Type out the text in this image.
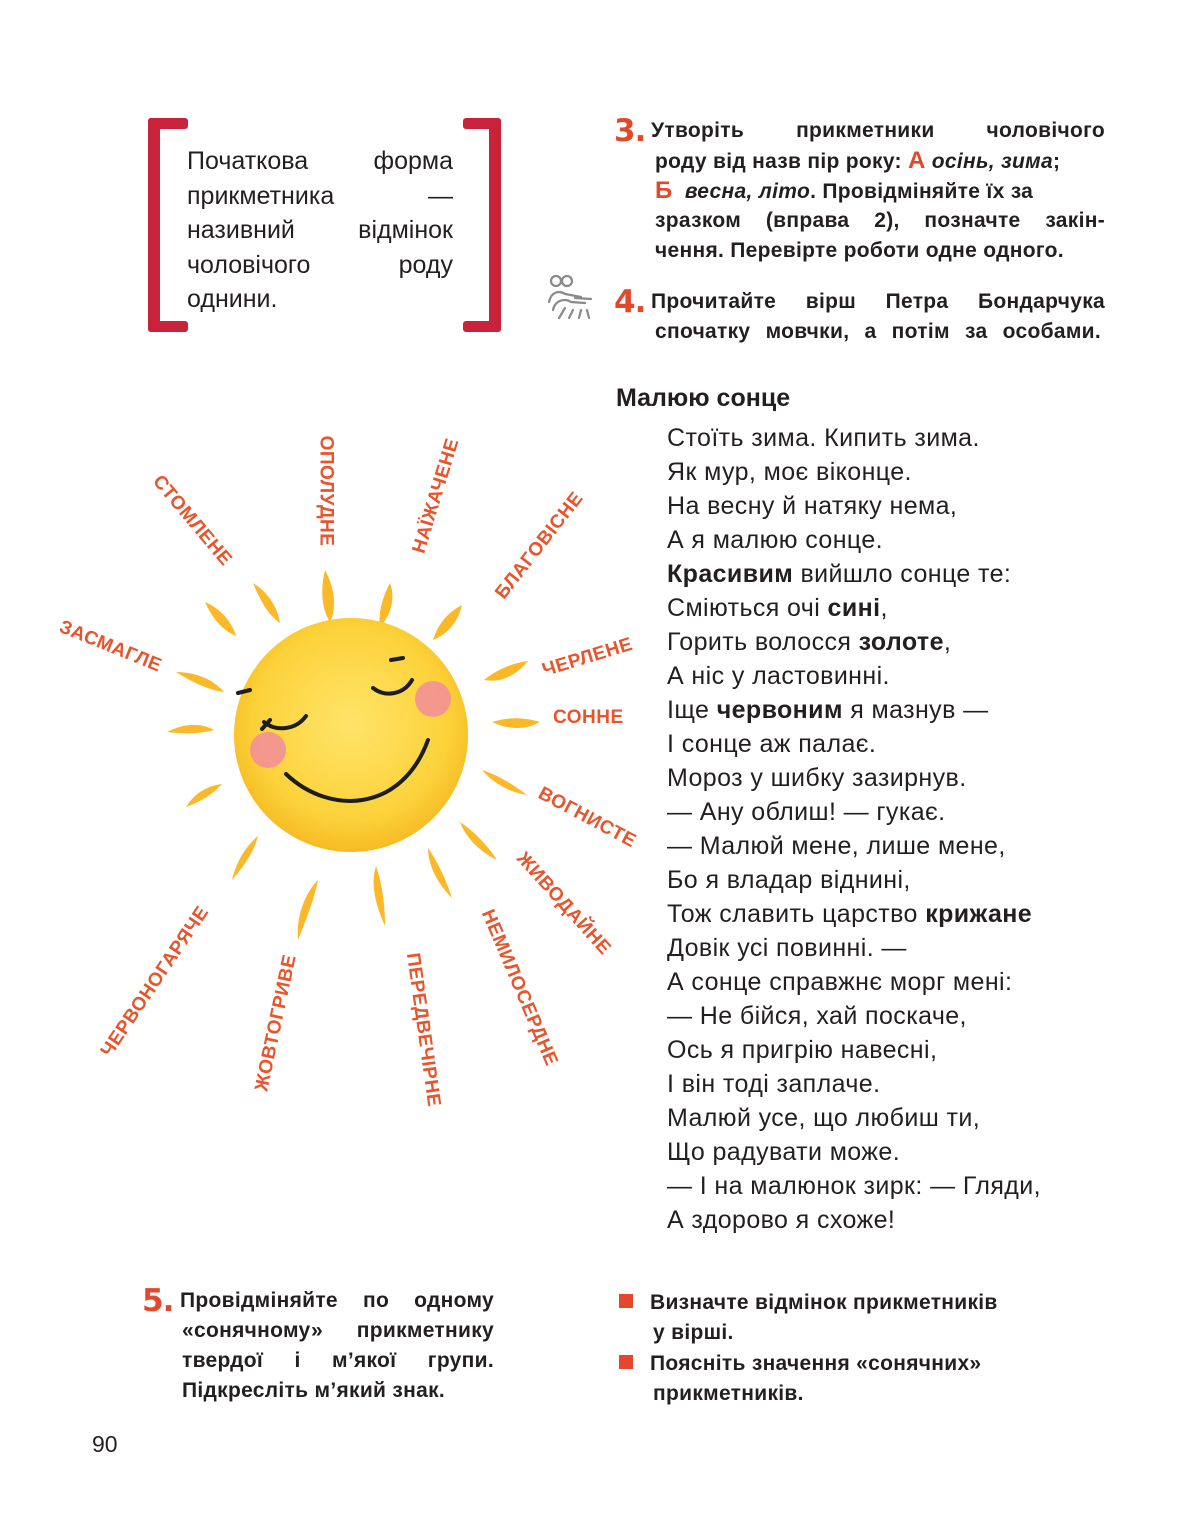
Початкова форма прикметника — називний відмінок чоловічого роду однини.
3. Утворіть прикметники чоловічого
роду від назв пір року: А осінь, зима;
Б весна, літо. Провідміняйте їх за
зразком (вправа 2), позначте закін-
чення. Перевірте роботи одне одного.
4. Прочитайте вірш Петра Бондарчука
спочатку мовчки, а потім за особами.
СТОМЛЕНЕ	ОПОЛУДНЕ	НАЇЖАЧЕНЕ БЛАГОВІСНЕ
ЗАСМАГЛЕ	ЧЕРЛЕНЕ
СОННЕ
ВОГНИСТЕ
ЖИВОДАЙНЕ
НЕМИЛОСЕРДНЕ
ПЕРЕДВЕЧІРНЕ
ЖОВТОГРИВЕ
ЧЕРВОНОГАРЯЧЕ
Малюю сонце
Стоїть зима. Кипить зима.
Як мур, моє віконце.
На весну й натяку нема,
А я малюю сонце.
Красивим вийшло сонце те:
Сміються очі сині,
Горить волосся золоте,
А ніс у ластовинні.
Іще червоним я мазнув —
І сонце аж палає.
Мороз у шибку зазирнув.
— Ану облиш! — гукає.
— Малюй мене, лише мене,
Бо я владар віднині,
Тож славить царство крижане
Довік усі повинні. —
А сонце справжнє морг мені:
— Не бійся, хай поскаче,
Ось я пригрію навесні,
І він тоді заплаче.
Малюй усе, що любиш ти,
Що радувати може.
— І на малюнок зирк: — Гляди,
А здорово я схоже!
5. Провідміняйте по одному
«сонячному» прикметнику
твердої і м’якої групи.
Підкресліть м’який знак.
Визначте відмінок прикметників
у вірші.
Поясніть значення «сонячних»
прикметників.
90
